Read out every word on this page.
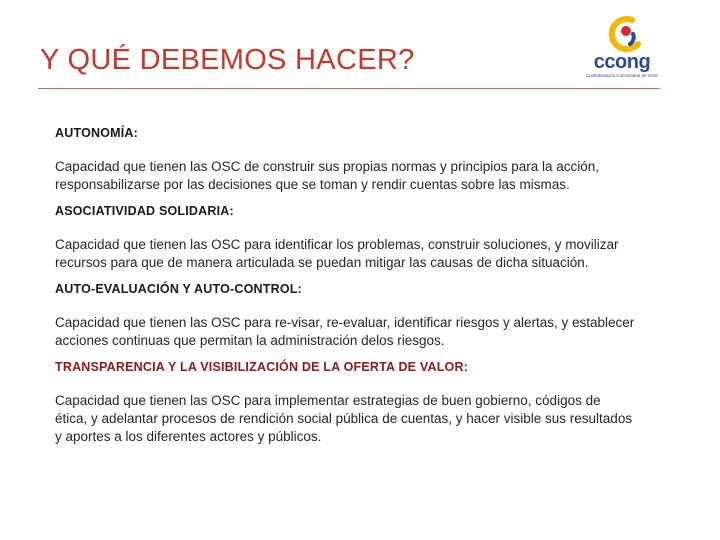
Y QUÉ DEBEMOS HACER?	ccong
Confederación Colombiana de ONG
AUTONOMÍA:
Capacidad que tienen las OSC de construir sus propias normas y principios para la acción, responsabilizarse por las decisiones que se toman y rendir cuentas sobre las mismas.
ASOCIATIVIDAD SOLIDARIA:
Capacidad que tienen las OSC para identificar los problemas, construir soluciones, y movilizar recursos para que de manera articulada se puedan mitigar las causas de dicha situación.
AUTO-EVALUACIÓN Y AUTO-CONTROL:
Capacidad que tienen las OSC para re-visar, re-evaluar, identificar riesgos y alertas, y establecer acciones continuas que permitan la administración delos riesgos.
TRANSPARENCIA Y LA VISIBILIZACIÓN DE LA OFERTA DE VALOR:
Capacidad que tienen las OSC para implementar estrategias de buen gobierno, códigos de ética, y adelantar procesos de rendición social pública de cuentas, y hacer visible sus resultados y aportes a los diferentes actores y públicos.
